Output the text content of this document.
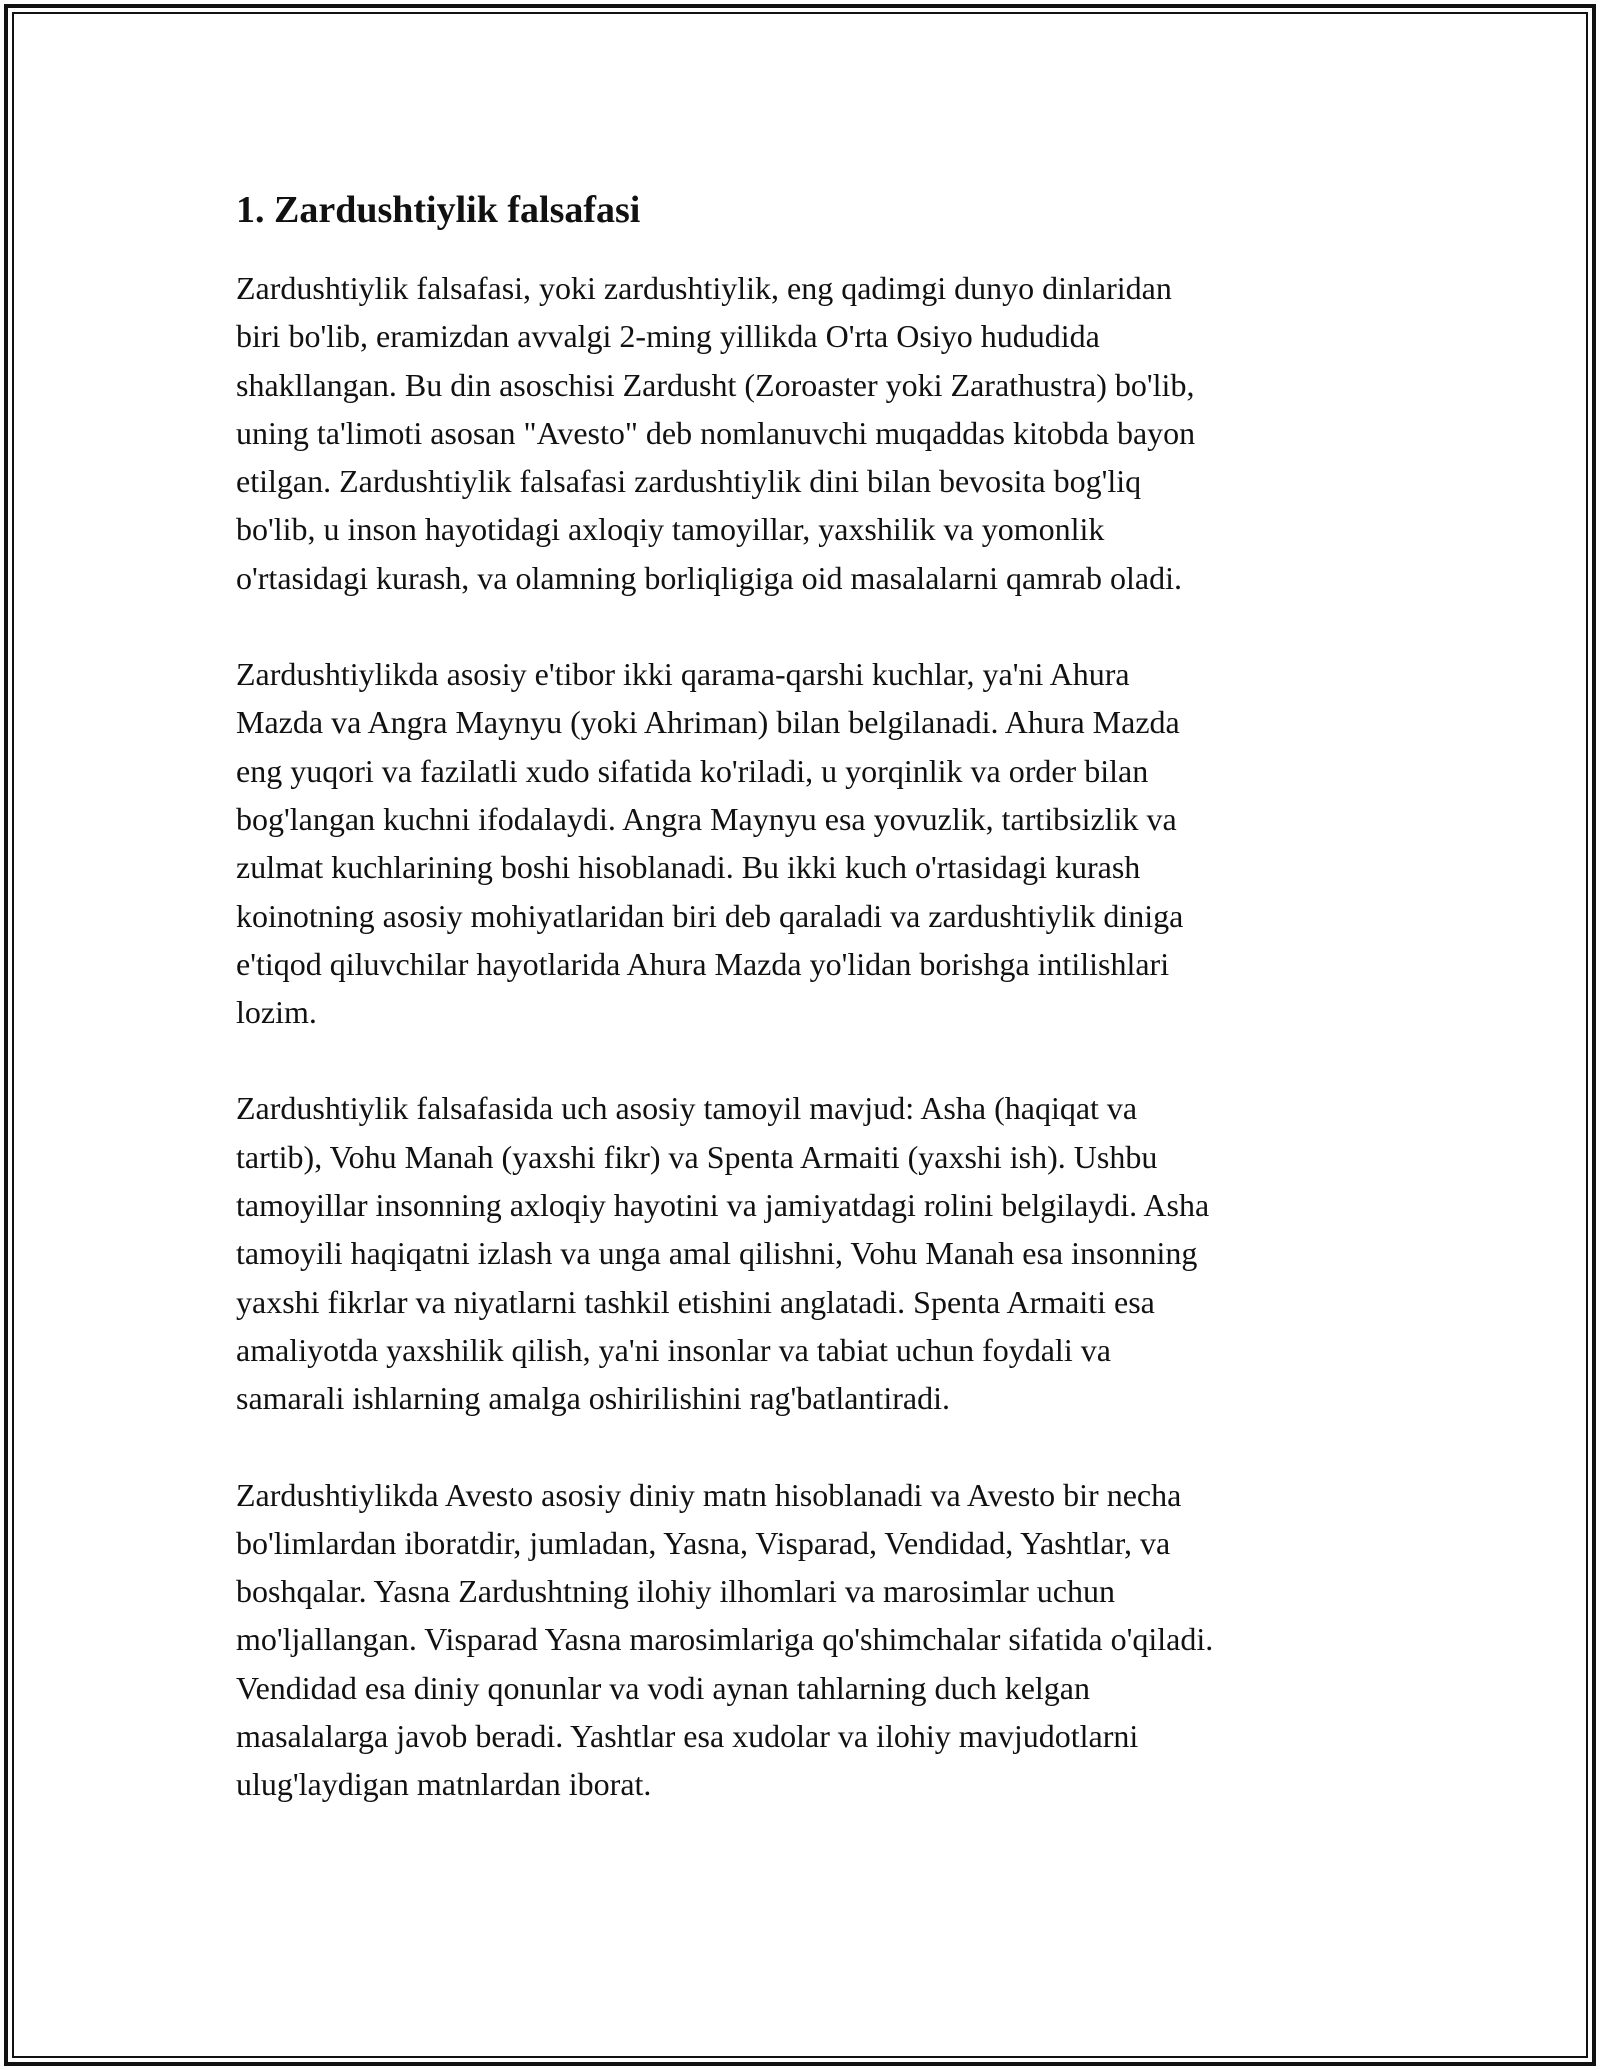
1. Zardushtiylik falsafasi

Zardushtiylik falsafasi, yoki zardushtiylik, eng qadimgi dunyo dinlaridan
biri bo'lib, eramizdan avvalgi 2-ming yillikda O'rta Osiyo hududida
shakllangan. Bu din asoschisi Zardusht (Zoroaster yoki Zarathustra) bo'lib,
uning ta'limoti asosan "Avesto" deb nomlanuvchi muqaddas kitobda bayon
etilgan. Zardushtiylik falsafasi zardushtiylik dini bilan bevosita bog'liq
bo'lib, u inson hayotidagi axloqiy tamoyillar, yaxshilik va yomonlik
o'rtasidagi kurash, va olamning borliqligiga oid masalalarni qamrab oladi.

Zardushtiylikda asosiy e'tibor ikki qarama-qarshi kuchlar, ya'ni Ahura
Mazda va Angra Maynyu (yoki Ahriman) bilan belgilanadi. Ahura Mazda
eng yuqori va fazilatli xudo sifatida ko'riladi, u yorqinlik va order bilan
bog'langan kuchni ifodalaydi. Angra Maynyu esa yovuzlik, tartibsizlik va
zulmat kuchlarining boshi hisoblanadi. Bu ikki kuch o'rtasidagi kurash
koinotning asosiy mohiyatlaridan biri deb qaraladi va zardushtiylik diniga
e'tiqod qiluvchilar hayotlarida Ahura Mazda yo'lidan borishga intilishlari
lozim.

Zardushtiylik falsafasida uch asosiy tamoyil mavjud: Asha (haqiqat va
tartib), Vohu Manah (yaxshi fikr) va Spenta Armaiti (yaxshi ish). Ushbu
tamoyillar insonning axloqiy hayotini va jamiyatdagi rolini belgilaydi. Asha
tamoyili haqiqatni izlash va unga amal qilishni, Vohu Manah esa insonning
yaxshi fikrlar va niyatlarni tashkil etishini anglatadi. Spenta Armaiti esa
amaliyotda yaxshilik qilish, ya'ni insonlar va tabiat uchun foydali va
samarali ishlarning amalga oshirilishini rag'batlantiradi.

Zardushtiylikda Avesto asosiy diniy matn hisoblanadi va Avesto bir necha
bo'limlardan iboratdir, jumladan, Yasna, Visparad, Vendidad, Yashtlar, va
boshqalar. Yasna Zardushtning ilohiy ilhomlari va marosimlar uchun
mo'ljallangan. Visparad Yasna marosimlariga qo'shimchalar sifatida o'qiladi.
Vendidad esa diniy qonunlar va vodi aynan tahlarning duch kelgan
masalalarga javob beradi. Yashtlar esa xudolar va ilohiy mavjudotlarni
ulug'laydigan matnlardan iborat.
